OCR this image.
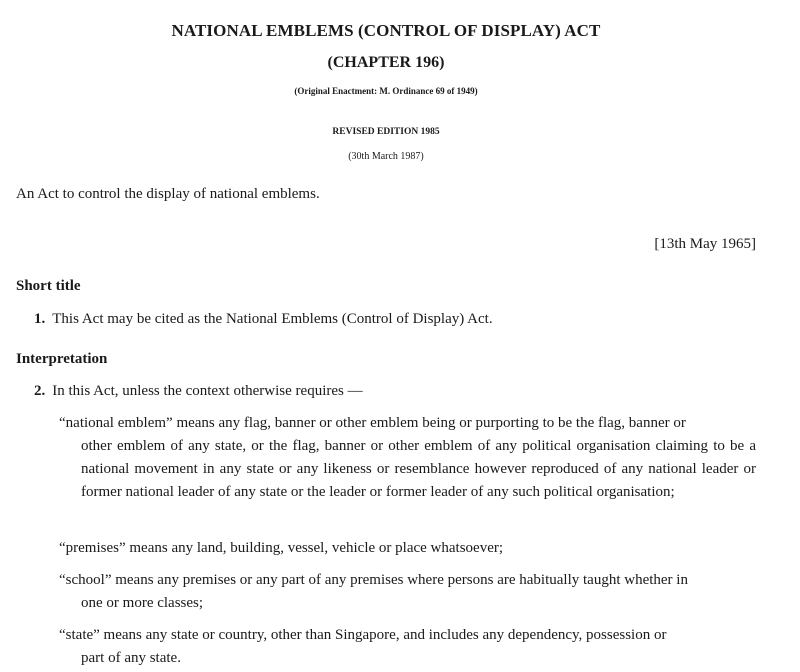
NATIONAL EMBLEMS (CONTROL OF DISPLAY) ACT
(CHAPTER 196)
(Original Enactment: M. Ordinance 69 of 1949)
REVISED EDITION 1985
(30th March 1987)
An Act to control the display of national emblems.
[13th May 1965]
Short title
1. This Act may be cited as the National Emblems (Control of Display) Act.
Interpretation
2. In this Act, unless the context otherwise requires —
“national emblem” means any flag, banner or other emblem being or purporting to be the flag, banner or
other emblem of any state, or the flag, banner or other emblem of any political organisation claiming to be a national movement in any state or any likeness or resemblance however reproduced of any national leader or former national leader of any state or the leader or former leader of any such political organisation;
“premises” means any land, building, vessel, vehicle or place whatsoever;
“school” means any premises or any part of any premises where persons are habitually taught whether in
one or more classes;
“state” means any state or country, other than Singapore, and includes any dependency, possession or
part of any state.
